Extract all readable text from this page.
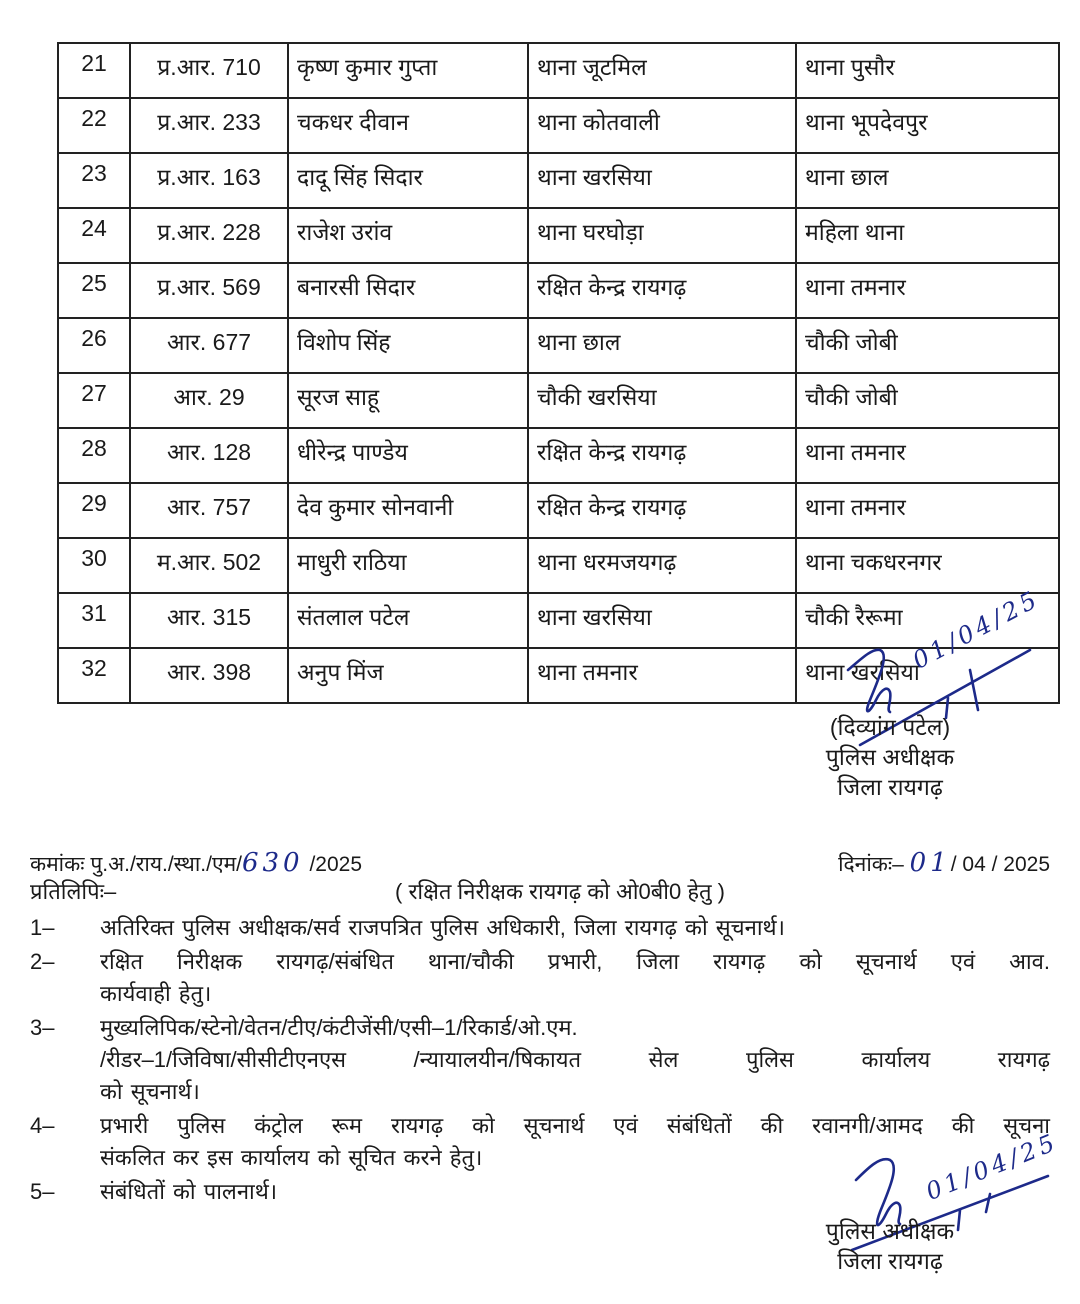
21	प्र.आर. 710	कृष्ण कुमार गुप्ता	थाना जूटमिल	थाना पुसौर
22	प्र.आर. 233	चकधर दीवान	थाना कोतवाली	थाना भूपदेवपुर
23	प्र.आर. 163	दादू सिंह सिदार	थाना खरसिया	थाना छाल
24	प्र.आर. 228	राजेश उरांव	थाना घरघोड़ा	महिला थाना
25	प्र.आर. 569	बनारसी सिदार	रक्षित केन्द्र रायगढ़	थाना तमनार
26	आर. 677	विशोप सिंह	थाना छाल	चौकी जोबी
27	आर. 29	सूरज साहू	चौकी खरसिया	चौकी जोबी
28	आर. 128	धीरेन्द्र पाण्डेय	रक्षित केन्द्र रायगढ़	थाना तमनार
29	आर. 757	देव कुमार सोनवानी	रक्षित केन्द्र रायगढ़	थाना तमनार
30	म.आर. 502	माधुरी राठिया	थाना धरमजयगढ़	थाना चकधरनगर
31	आर. 315	संतलाल पटेल	थाना खरसिया	चौकी रैरूमा
32	आर. 398	अनुप मिंज	थाना तमनार	थाना खरसिया
01/04/25
(दिव्यांग पटेल)
पुलिस अधीक्षक
जिला रायगढ़
कमांकः पु.अ./राय./स्था./एम/630 /2025	दिनांकः– 01/ 04 / 2025
प्रतिलिपिः–	( रक्षित निरीक्षक रायगढ़ को ओ0बी0 हेतु )
1–	अतिरिक्त पुलिस अधीक्षक/सर्व राजपत्रित पुलिस अधिकारी, जिला रायगढ़ को सूचनार्थ।
2–	रक्षित निरीक्षक रायगढ़/संबंधित थाना/चौकी प्रभारी, जिला रायगढ़ को सूचनार्थ एवं आव.
कार्यवाही हेतु।
3–	मुख्यलिपिक/स्टेनो/वेतन/टीए/कंटीजेंसी/एसी–1/रिकार्ड/ओ.एम.
/रीडर–1/जिविषा/सीसीटीएनएस /न्यायालयीन/षिकायत सेल पुलिस कार्यालय रायगढ़
को सूचनार्थ।
4–	प्रभारी पुलिस कंट्रोल रूम रायगढ़ को सूचनार्थ एवं संबंधितों की रवानगी/आमद की सूचना
संकलित कर इस कार्यालय को सूचित करने हेतु।
5–	संबंधितों को पालनार्थ।	01/04/25
पुलिस अधीक्षक
जिला रायगढ़
